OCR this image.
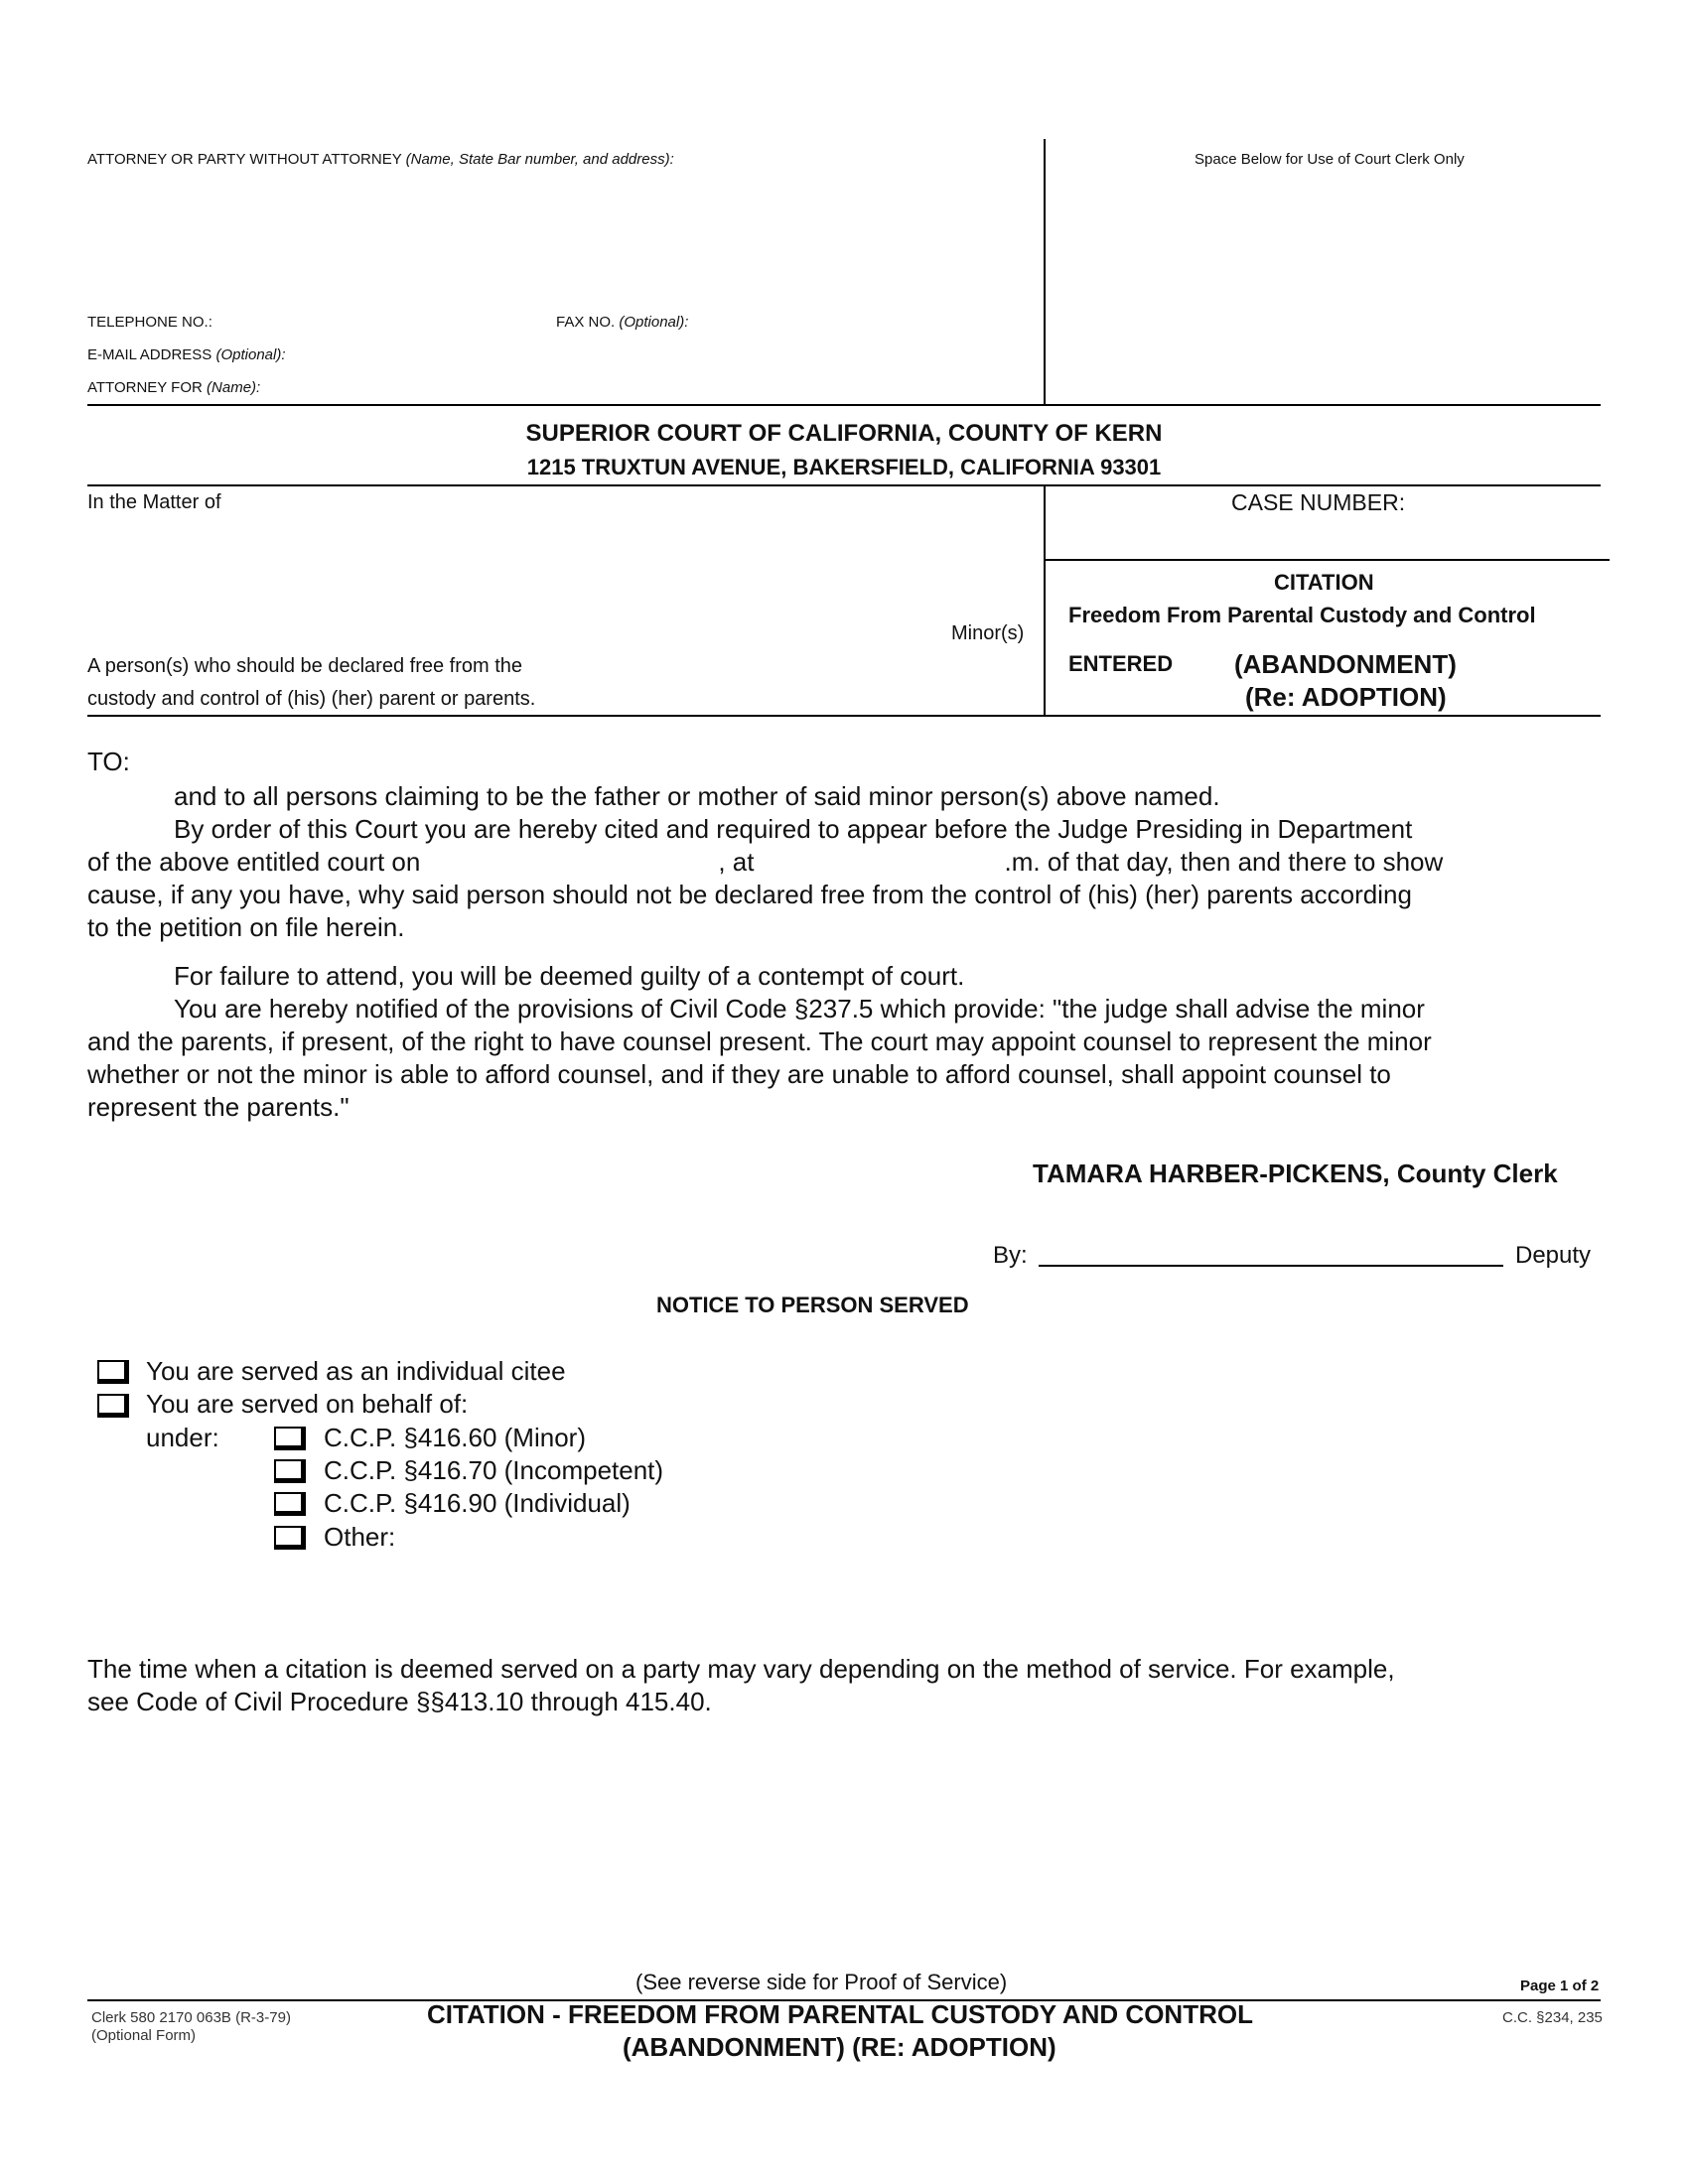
ATTORNEY OR PARTY WITHOUT ATTORNEY (Name, State Bar number, and address):	Space Below for Use of Court Clerk Only
TELEPHONE NO.:	FAX NO. (Optional):
E-MAIL ADDRESS (Optional):
ATTORNEY FOR (Name):
SUPERIOR COURT OF CALIFORNIA, COUNTY OF KERN
1215 TRUXTUN AVENUE, BAKERSFIELD, CALIFORNIA 93301
In the Matter of
Minor(s)
A person(s) who should be declared free from the
custody and control of (his) (her) parent or parents.
CASE NUMBER:
CITATION
Freedom From Parental Custody and Control
ENTERED (ABANDONMENT)
(Re: ADOPTION)
TO:
and to all persons claiming to be the father or mother of said minor person(s) above named.
By order of this Court you are hereby cited and required to appear before the Judge Presiding in Department
of the above entitled court on	, at	.m. of that day, then and there to show
cause, if any you have, why said person should not be declared free from the control of (his) (her) parents according
to the petition on file herein.
For failure to attend, you will be deemed guilty of a contempt of court.
You are hereby notified of the provisions of Civil Code §237.5 which provide: "the judge shall advise the minor
and the parents, if present, of the right to have counsel present. The court may appoint counsel to represent the minor
whether or not the minor is able to afford counsel, and if they are unable to afford counsel, shall appoint counsel to
represent the parents."
TAMARA HARBER-PICKENS, County Clerk
By:	Deputy
NOTICE TO PERSON SERVED
You are served as an individual citee
You are served on behalf of:
under:	C.C.P. §416.60 (Minor)
C.C.P. §416.70 (Incompetent)
C.C.P. §416.90 (Individual)
Other:
The time when a citation is deemed served on a party may vary depending on the method of service. For example,
see Code of Civil Procedure §§413.10 through 415.40.
(See reverse side for Proof of Service)	Page 1 of 2
Clerk 580 2170 063B (R-3-79)
(Optional Form)
CITATION - FREEDOM FROM PARENTAL CUSTODY AND CONTROL
(ABANDONMENT) (RE: ADOPTION)
C.C. §234, 235
